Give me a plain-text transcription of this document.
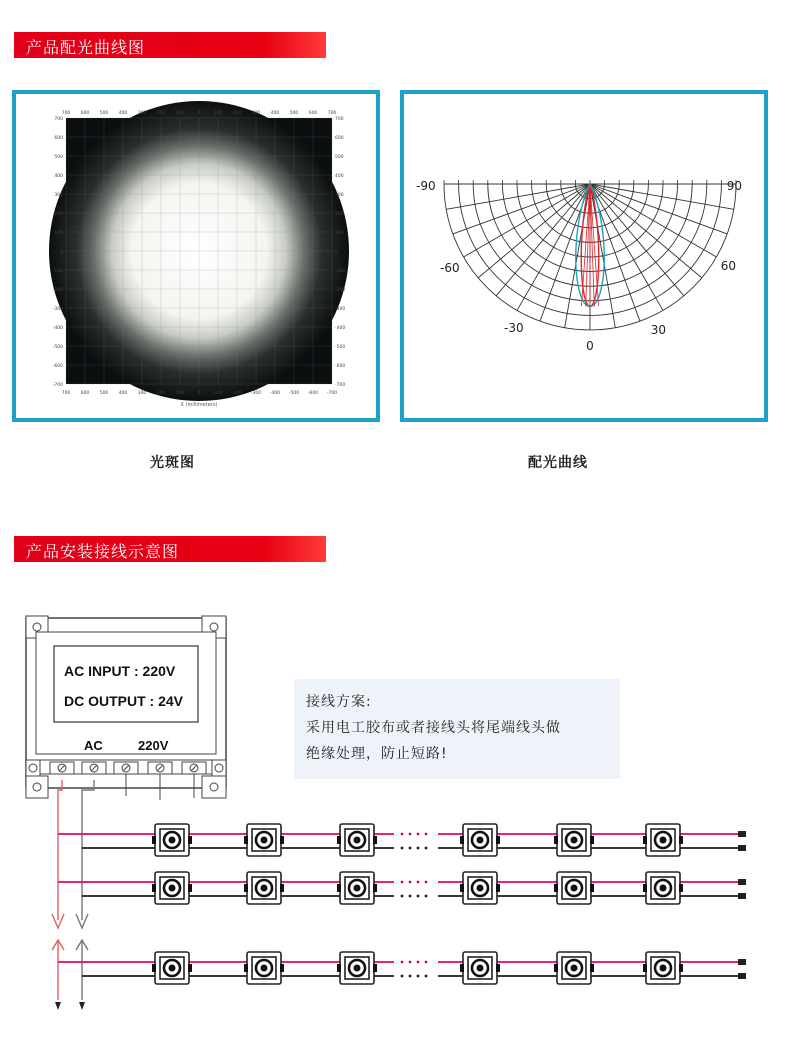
产品配光曲线图
700 600 500 400 300 200 100	0	100 200 300 400 500 600 700
700 600 500 400 300 200 100	0	-100 -200 -300 -400 -500 -600 -700
700
600
500
400
300
200
100
0
-100
-200
-300
-400
-500
-600
-700
700
600
500
400
300
200
100
0
-100
-200
-300
-400
-500
-600
-700
X (millimeters)
-90	90
-60	60
-30	30
0
光斑图	配光曲线
产品安装接线示意图
AC INPUT : 220V
DC OUTPUT : 24V
AC	220V
接线方案:
采用电工胶布或者接线头将尾端线头做
绝缘处理，防止短路!
